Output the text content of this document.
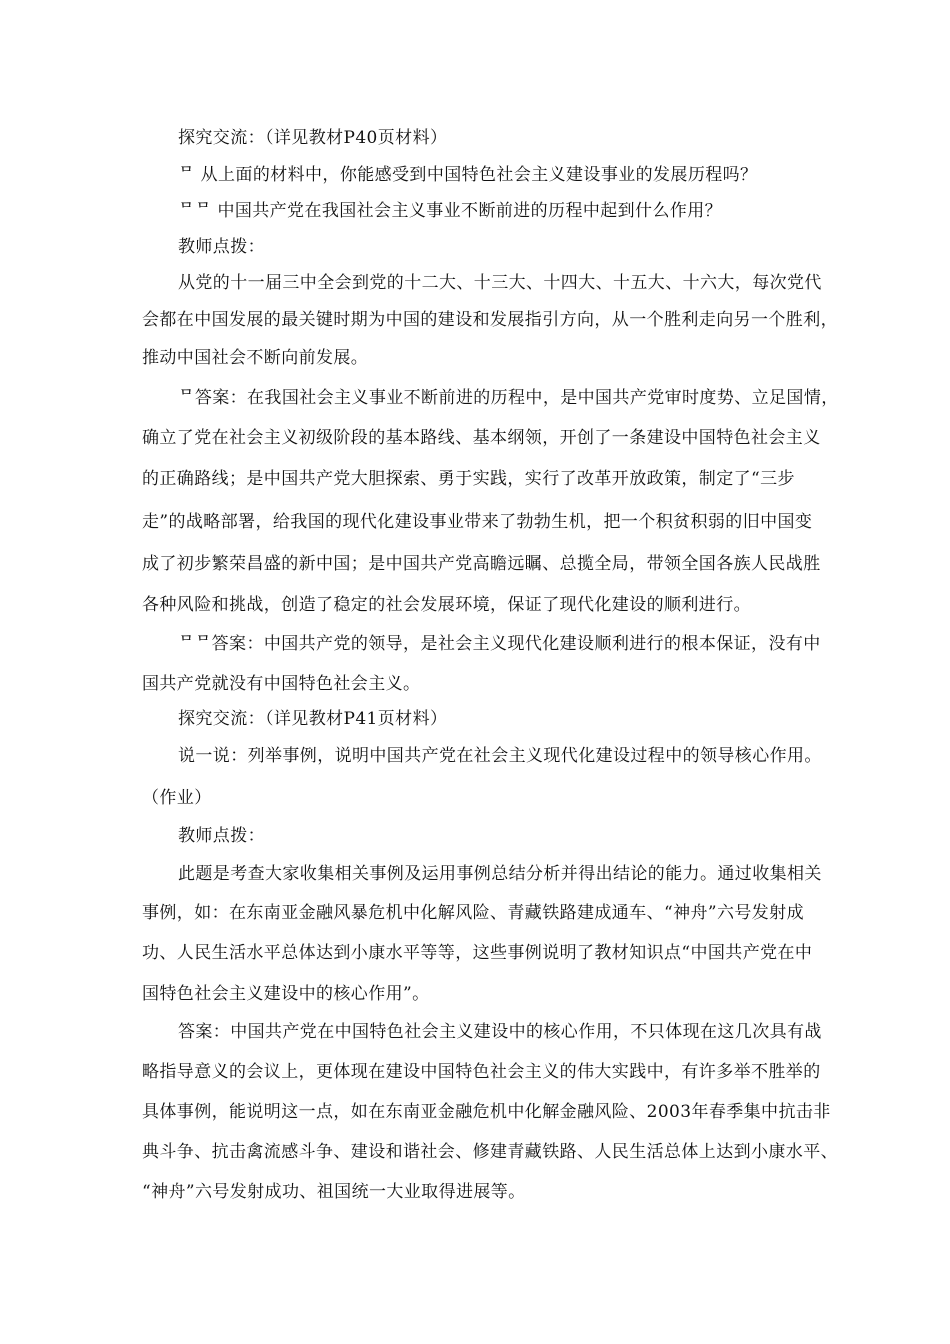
探究交流：（详见教材P40页材料）
ᄆ 从上面的材料中，你能感受到中国特色社会主义建设事业的发展历程吗？
ᄆᄆ 中国共产党在我国社会主义事业不断前进的历程中起到什么作用？
教师点拨：
从党的十一届三中全会到党的十二大、十三大、十四大、十五大、十六大，每次党代
会都在中国发展的最关键时期为中国的建设和发展指引方向，从一个胜利走向另一个胜利，
推动中国社会不断向前发展。
ᄆ答案：在我国社会主义事业不断前进的历程中，是中国共产党审时度势、立足国情，
确立了党在社会主义初级阶段的基本路线、基本纲领，开创了一条建设中国特色社会主义
的正确路线；是中国共产党大胆探索、勇于实践，实行了改革开放政策，制定了“三步
走”的战略部署，给我国的现代化建设事业带来了勃勃生机，把一个积贫积弱的旧中国变
成了初步繁荣昌盛的新中国；是中国共产党高瞻远瞩、总揽全局，带领全国各族人民战胜
各种风险和挑战，创造了稳定的社会发展环境，保证了现代化建设的顺利进行。
ᄆᄆ答案：中国共产党的领导，是社会主义现代化建设顺利进行的根本保证，没有中
国共产党就没有中国特色社会主义。
探究交流：（详见教材P41页材料）
说一说：列举事例，说明中国共产党在社会主义现代化建设过程中的领导核心作用。
（作业）
教师点拨：
此题是考查大家收集相关事例及运用事例总结分析并得出结论的能力。通过收集相关
事例，如：在东南亚金融风暴危机中化解风险、青藏铁路建成通车、“神舟”六号发射成
功、人民生活水平总体达到小康水平等等，这些事例说明了教材知识点“中国共产党在中
国特色社会主义建设中的核心作用”。
答案：中国共产党在中国特色社会主义建设中的核心作用，不只体现在这几次具有战
略指导意义的会议上，更体现在建设中国特色社会主义的伟大实践中，有许多举不胜举的
具体事例，能说明这一点，如在东南亚金融危机中化解金融风险、2003年春季集中抗击非
典斗争、抗击禽流感斗争、建设和谐社会、修建青藏铁路、人民生活总体上达到小康水平、
“神舟”六号发射成功、祖国统一大业取得进展等。
